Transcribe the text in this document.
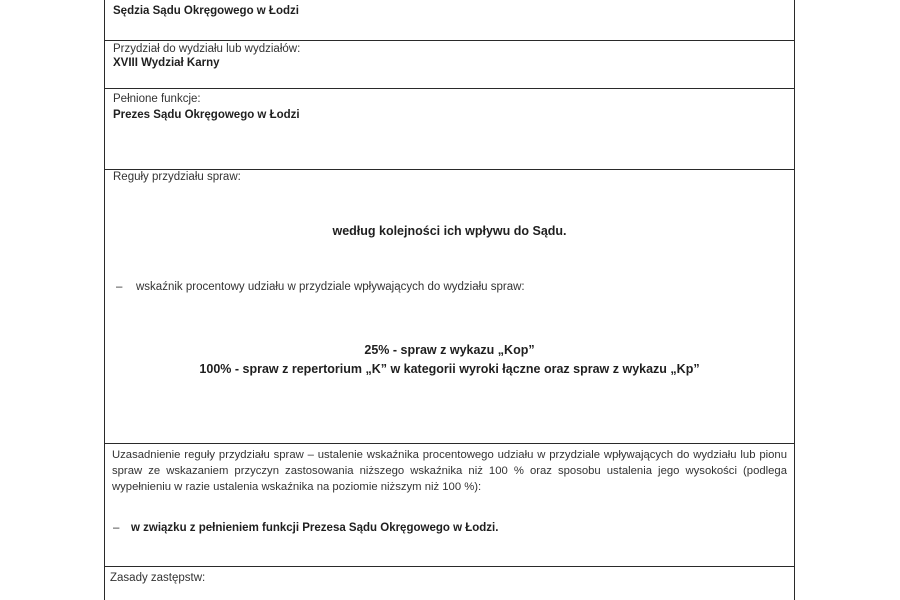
Sędzia Sądu Okręgowego w Łodzi
Przydział do wydziału lub wydziałów:
XVIII Wydział Karny
Pełnione funkcje:
Prezes Sądu Okręgowego w Łodzi
Reguły przydziału spraw:
według kolejności ich wpływu do Sądu.
– wskaźnik procentowy udziału w przydziale wpływających do wydziału spraw:
25% - spraw z wykazu „Kop”
100% - spraw z repertorium „K” w kategorii wyroki łączne oraz spraw z wykazu „Kp”
Uzasadnienie reguły przydziału spraw – ustalenie wskaźnika procentowego udziału w przydziale wpływających do wydziału lub pionu spraw ze wskazaniem przyczyn zastosowania niższego wskaźnika niż 100 % oraz sposobu ustalenia jego wysokości (podlega wypełnieniu w razie ustalenia wskaźnika na poziomie niższym niż 100 %):
– w związku z pełnieniem funkcji Prezesa Sądu Okręgowego w Łodzi.
Zasady zastępstw:
